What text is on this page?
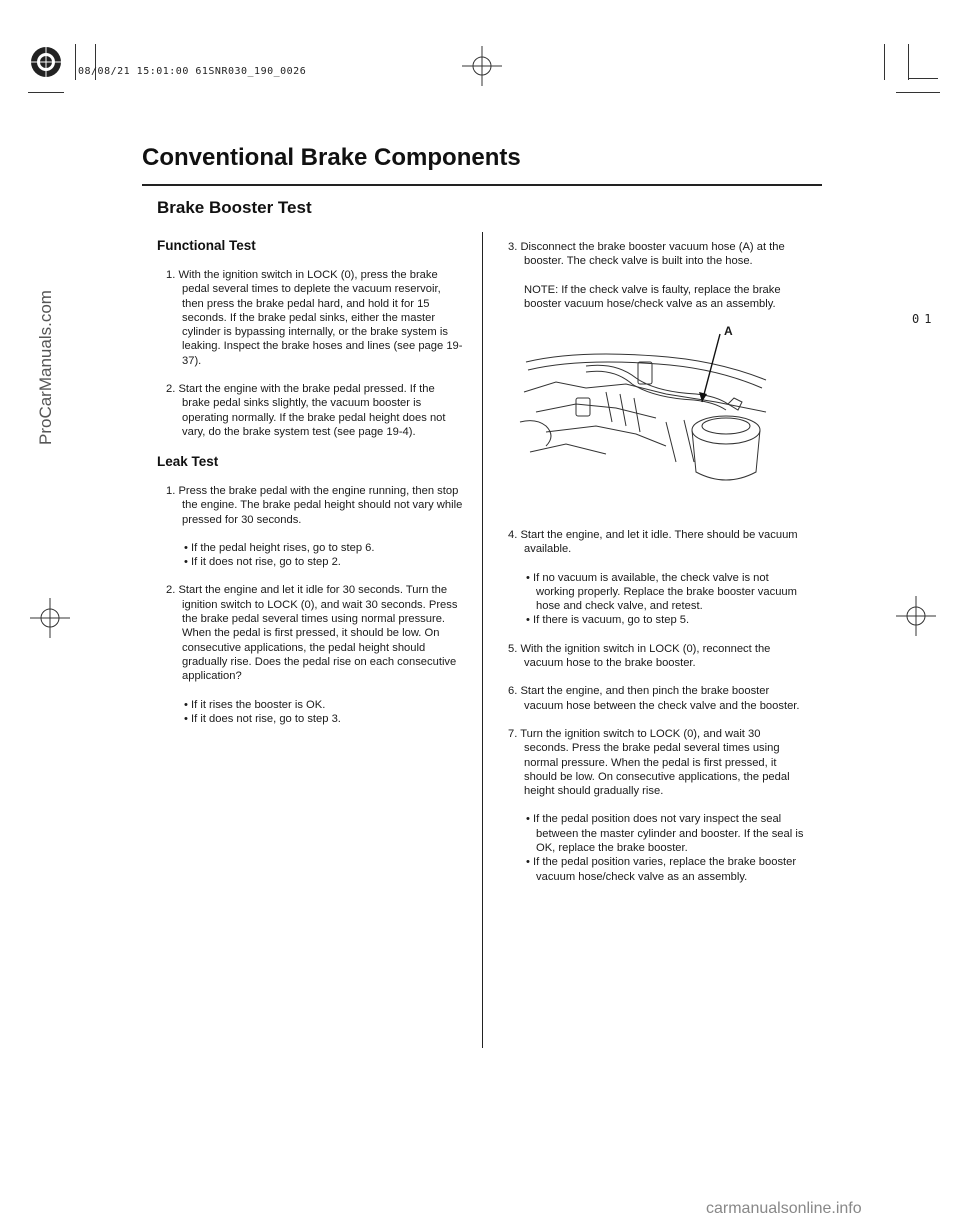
08/08/21 15:01:00 61SNR030_190_0026
01
Conventional Brake Components
Brake Booster Test
Functional Test

1. With the ignition switch in LOCK (0), press the brake pedal several times to deplete the vacuum reservoir, then press the brake pedal hard, and hold it for 15 seconds. If the brake pedal sinks, either the master cylinder is bypassing internally, or the brake system is leaking. Inspect the brake hoses and lines (see page 19-37).

2. Start the engine with the brake pedal pressed. If the brake pedal sinks slightly, the vacuum booster is operating normally. If the brake pedal height does not vary, do the brake system test (see page 19-4).

Leak Test

1. Press the brake pedal with the engine running, then stop the engine. The brake pedal height should not vary while pressed for 30 seconds.

• If the pedal height rises, go to step 6.

• If it does not rise, go to step 2.

2. Start the engine and let it idle for 30 seconds. Turn the ignition switch to LOCK (0), and wait 30 seconds. Press the brake pedal several times using normal pressure. When the pedal is first pressed, it should be low. On consecutive applications, the pedal height should gradually rise. Does the pedal rise on each consecutive application?

• If it rises the booster is OK.

• If it does not rise, go to step 3.

3. Disconnect the brake booster vacuum hose (A) at the booster. The check valve is built into the hose.

NOTE: If the check valve is faulty, replace the brake booster vacuum hose/check valve as an assembly.

A

4. Start the engine, and let it idle. There should be vacuum available.

• If no vacuum is available, the check valve is not working properly. Replace the brake booster vacuum hose and check valve, and retest.

• If there is vacuum, go to step 5.

5. With the ignition switch in LOCK (0), reconnect the vacuum hose to the brake booster.

6. Start the engine, and then pinch the brake booster vacuum hose between the check valve and the booster.

7. Turn the ignition switch to LOCK (0), and wait 30 seconds. Press the brake pedal several times using normal pressure. When the pedal is first pressed, it should be low. On consecutive applications, the pedal height should gradually rise.

• If the pedal position does not vary inspect the seal between the master cylinder and booster. If the seal is OK, replace the brake booster.

• If the pedal position varies, replace the brake booster vacuum hose/check valve as an assembly.

ProCarManuals.com
carmanualsonline.info
